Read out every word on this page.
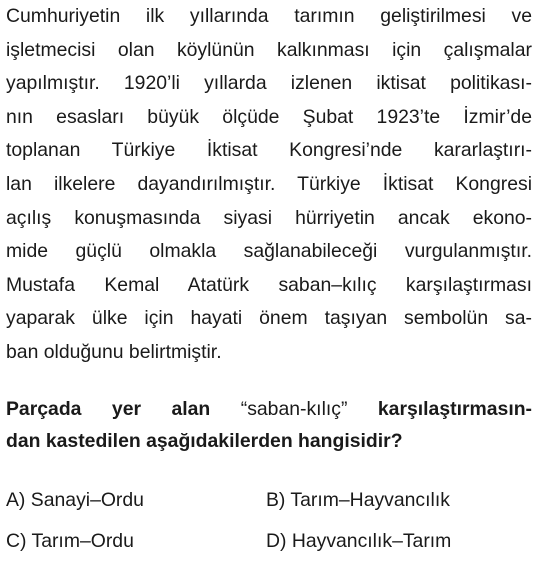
Cumhuriyetin ilk yıllarında tarımın geliştirilmesi ve
işletmecisi olan köylünün kalkınması için çalışmalar
yapılmıştır. 1920’li yıllarda izlenen iktisat politikası-
nın esasları büyük ölçüde Şubat 1923’te İzmir’de
toplanan Türkiye İktisat Kongresi’nde kararlaştırı-
lan ilkelere dayandırılmıştır. Türkiye İktisat Kongresi
açılış konuşmasında siyasi hürriyetin ancak ekono-
mide güçlü olmakla sağlanabileceği vurgulanmıştır.
Mustafa Kemal Atatürk saban–kılıç karşılaştırması
yaparak ülke için hayati önem taşıyan sembolün sa-
ban olduğunu belirtmiştir.
Parçada yer alan “saban-kılıç” karşılaştırmasın-
dan kastedilen aşağıdakilerden hangisidir?
A) Sanayi–Ordu	B) Tarım–Hayvancılık
C) Tarım–Ordu	D) Hayvancılık–Tarım
